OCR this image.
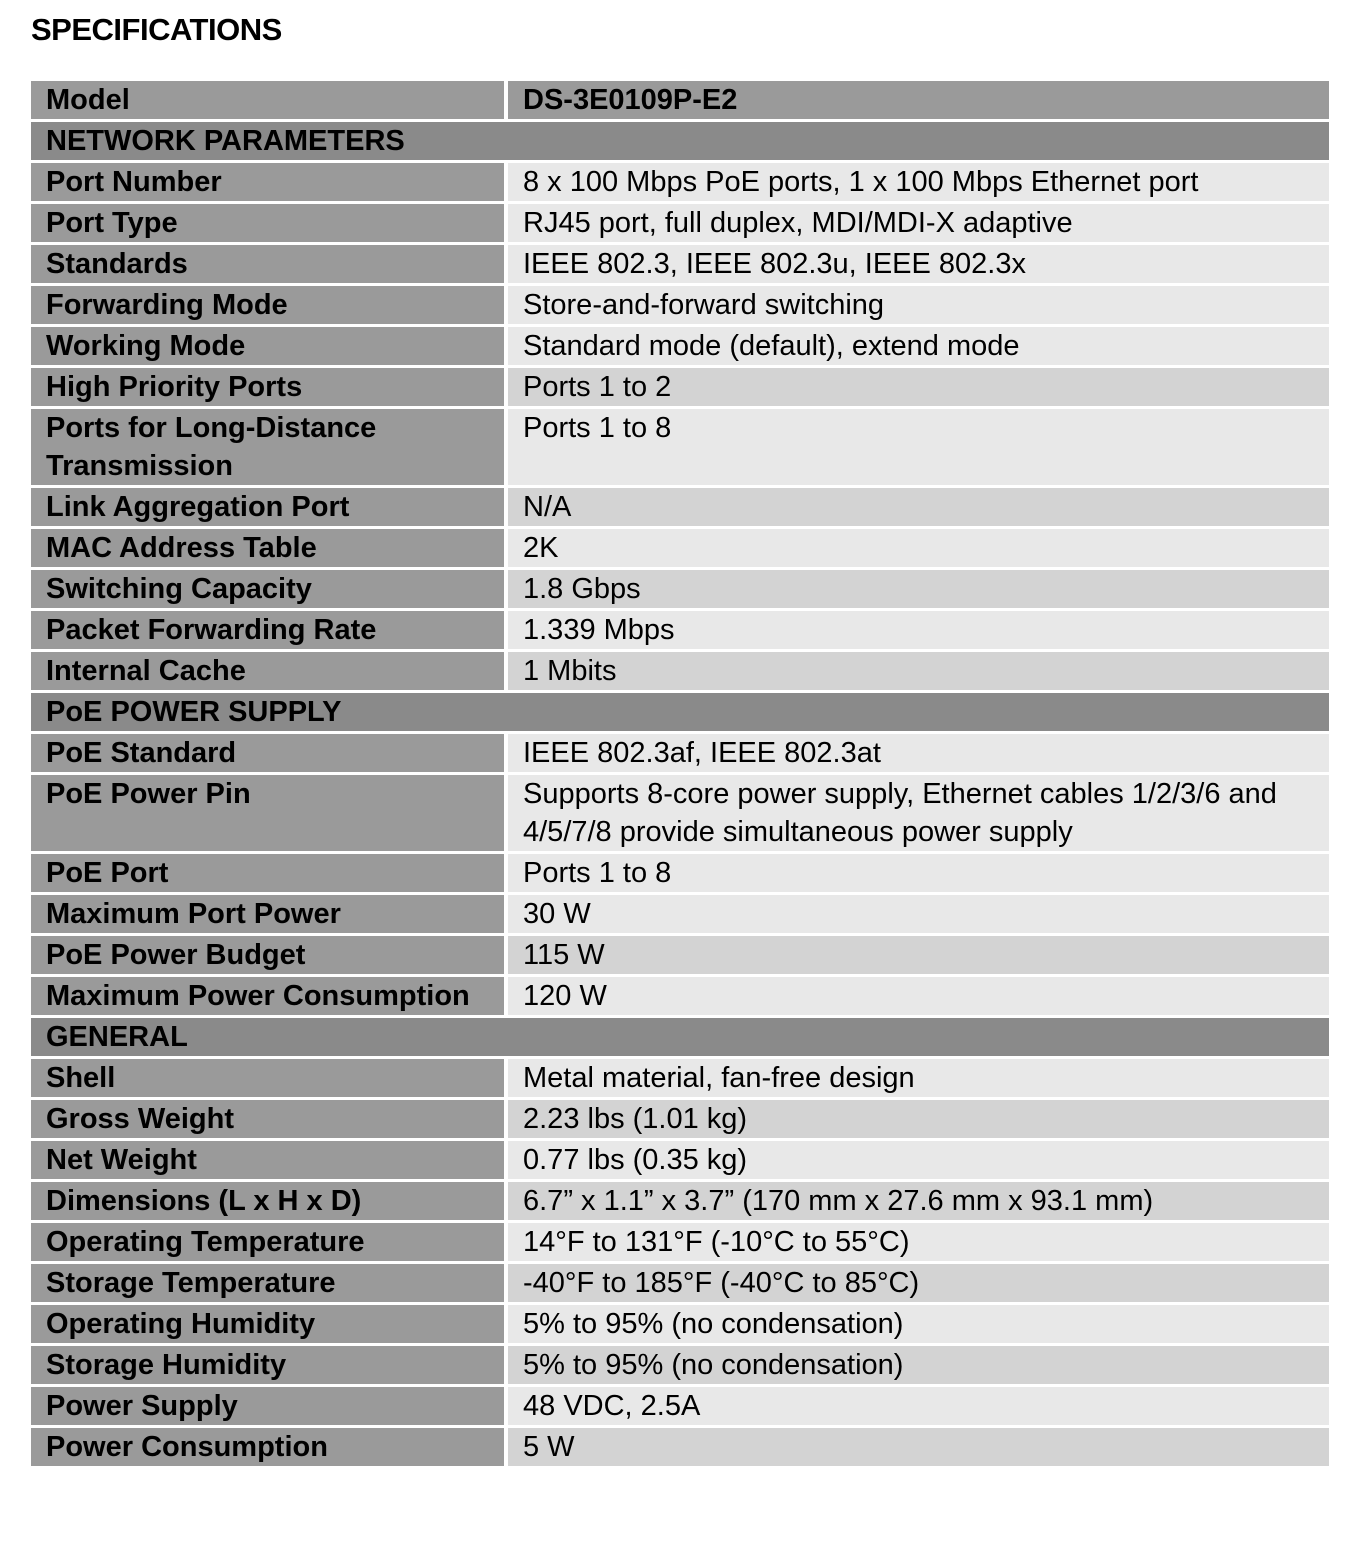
SPECIFICATIONS
Model	DS-3E0109P-E2
NETWORK PARAMETERS	
Port Number	8 x 100 Mbps PoE ports, 1 x 100 Mbps Ethernet port
Port Type	RJ45 port, full duplex, MDI/MDI-X adaptive
Standards	IEEE 802.3, IEEE 802.3u, IEEE 802.3x
Forwarding Mode	Store-and-forward switching
Working Mode	Standard mode (default), extend mode
High Priority Ports	Ports 1 to 2
Ports for Long-Distance Transmission	Ports 1 to 8
Link Aggregation Port	N/A
MAC Address Table	2K
Switching Capacity	1.8 Gbps
Packet Forwarding Rate	1.339 Mbps
Internal Cache	1 Mbits
PoE POWER SUPPLY	
PoE Standard	IEEE 802.3af, IEEE 802.3at
PoE Power Pin	Supports 8-core power supply, Ethernet cables 1/2/3/6 and 4/5/7/8 provide simultaneous power supply
PoE Port	Ports 1 to 8
Maximum Port Power	30 W
PoE Power Budget	115 W
Maximum Power Consumption	120 W
GENERAL	
Shell	Metal material, fan-free design
Gross Weight	2.23 lbs (1.01 kg)
Net Weight	0.77 lbs (0.35 kg)
Dimensions (L x H x D)	6.7” x 1.1” x 3.7” (170 mm x 27.6 mm x 93.1 mm)
Operating Temperature	14°F to 131°F (-10°C to 55°C)
Storage Temperature	-40°F to 185°F (-40°C to 85°C)
Operating Humidity	5% to 95% (no condensation)
Storage Humidity	5% to 95% (no condensation)
Power Supply	48 VDC, 2.5A
Power Consumption	5 W
